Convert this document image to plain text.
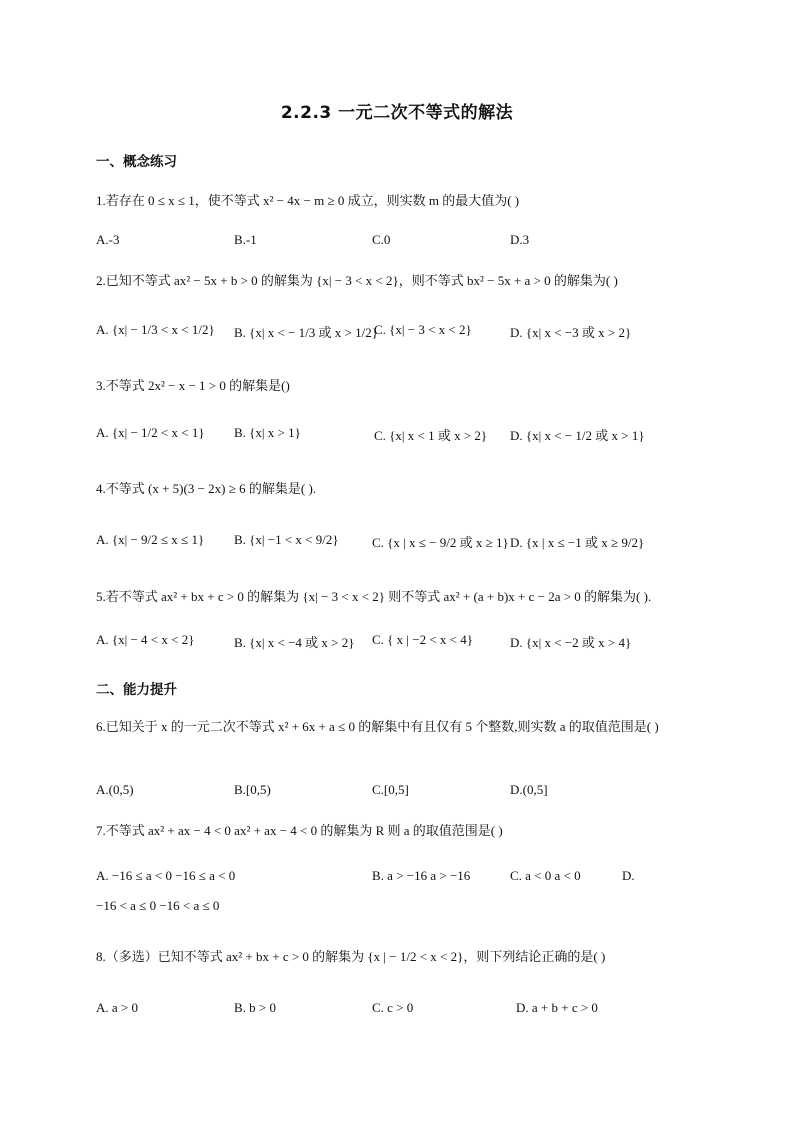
2.2.3 一元二次不等式的解法
一、概念练习
1.若存在 0 ≤ x ≤ 1，使不等式 x² − 4x − m ≥ 0 成立，则实数 m 的最大值为( )
A.-3	B.-1	C.0	D.3
2.已知不等式 ax² − 5x + b > 0 的解集为 {x| − 3 < x < 2}，则不等式 bx² − 5x + a > 0 的解集为( )
A. {x| − 1/3 < x < 1/2} B. {x| x < − 1/3 或 x > 1/2}
C. {x| − 3 < x < 2}	D. {x| x < −3 或 x > 2}
3.不等式 2x² − x − 1 > 0 的解集是()
A. {x| − 1/2 < x < 1} B. {x| x > 1}	C. {x| x < 1 或 x > 2} D. {x| x < − 1/2 或 x > 1}
4.不等式 (x + 5)(3 − 2x) ≥ 6 的解集是( ).
A. {x| − 9/2 ≤ x ≤ 1} B. {x| −1 < x < 9/2}	C. {x | x ≤ − 9/2 或 x ≥ 1} D. {x | x ≤ −1 或 x ≥ 9/2}
5.若不等式 ax² + bx + c > 0 的解集为 {x| − 3 < x < 2} 则不等式 ax² + (a + b)x + c − 2a > 0 的解集为( ).
A. {x| − 4 < x < 2}	B. {x| x < −4 或 x > 2} C. { x | −2 < x < 4}	D. {x| x < −2 或 x > 4}
二、能力提升
6.已知关于 x 的一元二次不等式 x² + 6x + a ≤ 0 的解集中有且仅有 5 个整数,则实数 a 的取值范围是( )
A.(0,5)	B.[0,5)	C.[0,5]	D.(0,5]
7.不等式 ax² + ax − 4 < 0 ax² + ax − 4 < 0 的解集为 R 则 a 的取值范围是( )
A. −16 ≤ a < 0 −16 ≤ a < 0	B. a > −16 a > −16	C. a < 0 a < 0	D.
−16 < a ≤ 0 −16 < a ≤ 0
8.（多选）已知不等式 ax² + bx + c > 0 的解集为 {x | − 1/2 < x < 2}，则下列结论正确的是( )
A. a > 0	B. b > 0	C. c > 0	D. a + b + c > 0
